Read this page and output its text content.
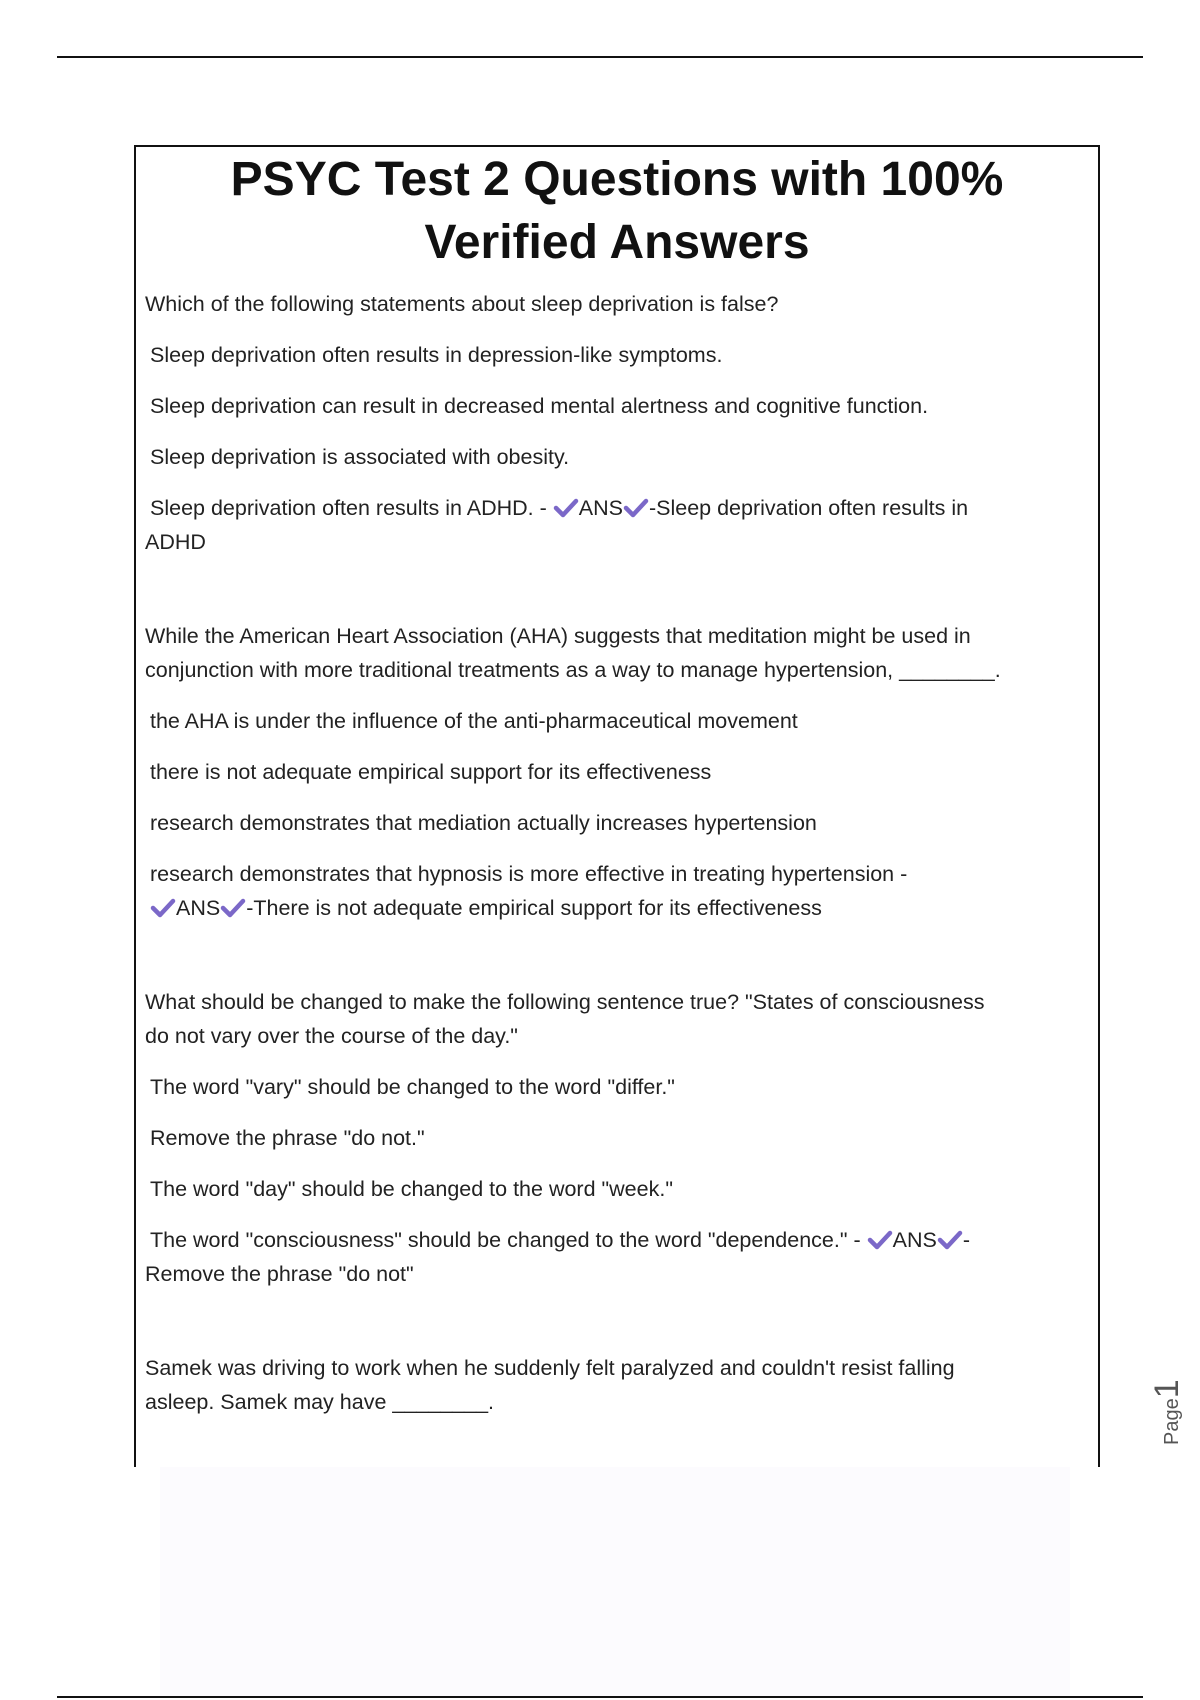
PSYC Test 2 Questions with 100%
Verified Answers

Which of the following statements about sleep deprivation is false?

Sleep deprivation often results in depression-like symptoms.

Sleep deprivation can result in decreased mental alertness and cognitive function.

Sleep deprivation is associated with obesity.

Sleep deprivation often results in ADHD. - ANS -Sleep deprivation often results in

ADHD

While the American Heart Association (AHA) suggests that meditation might be used in

conjunction with more traditional treatments as a way to manage hypertension, ________.

the AHA is under the influence of the anti-pharmaceutical movement

there is not adequate empirical support for its effectiveness

research demonstrates that mediation actually increases hypertension

research demonstrates that hypnosis is more effective in treating hypertension -

ANS -There is not adequate empirical support for its effectiveness

What should be changed to make the following sentence true? "States of consciousness

do not vary over the course of the day."

The word "vary" should be changed to the word "differ."

Remove the phrase "do not."

The word "day" should be changed to the word "week."

The word "consciousness" should be changed to the word "dependence." - ANS -

Remove the phrase "do not"

Samek was driving to work when he suddenly felt paralyzed and couldn't resist falling

asleep. Samek may have ________.	Page1
